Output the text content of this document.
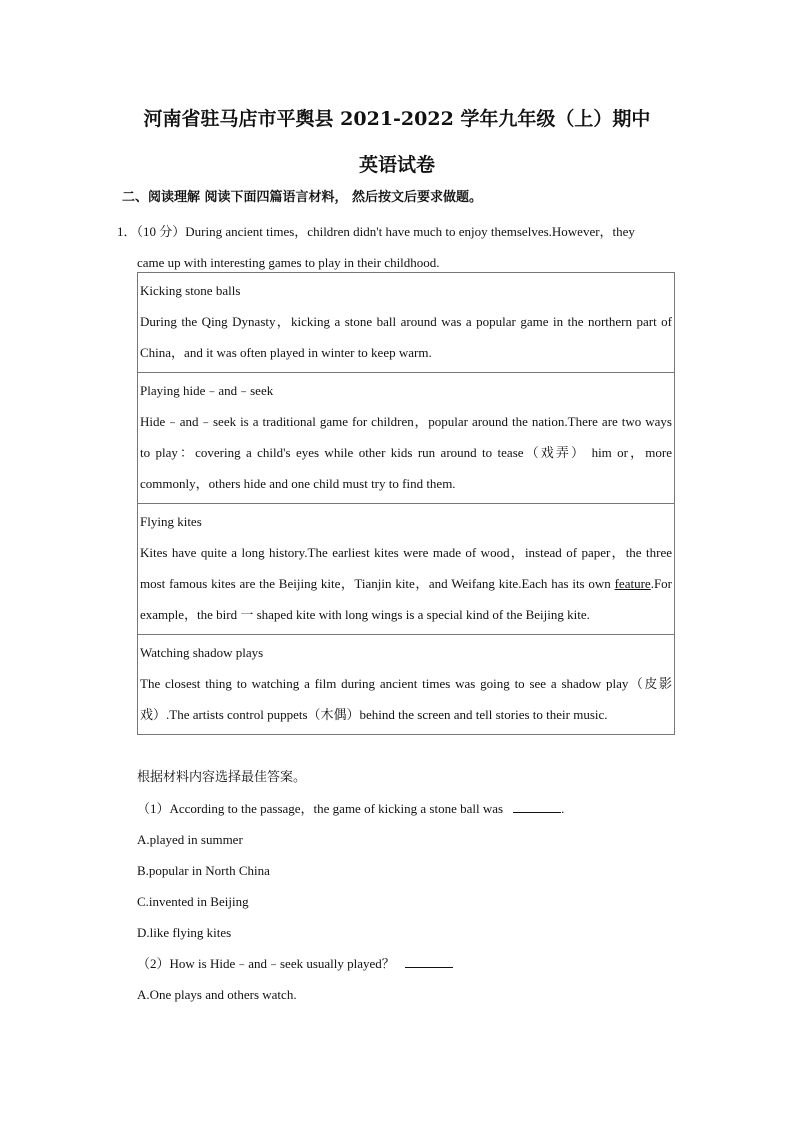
河南省驻马店市平舆县 2021-2022 学年九年级（上）期中
英语试卷
二、阅读理解 阅读下面四篇语言材料， 然后按文后要求做题。
1．（10 分）During ancient times，children didn't have much to enjoy themselves.However，they
came up with interesting games to play in their childhood.
Kicking stone balls
During the Qing Dynasty，kicking a stone ball around was a popular game in the northern part of China，and it was often played in winter to keep warm.

Playing hide﹣and﹣seek
Hide﹣and﹣seek is a traditional game for children，popular around the nation.There are two ways to play：covering a child's eyes while other kids run around to tease（戏弄） him or，more commonly，others hide and one child must try to find them.

Flying kites
Kites have quite a long history.The earliest kites were made of wood，instead of paper，the three most famous kites are the Beijing kite，Tianjin kite，and Weifang kite.Each has its own feature.For example，the bird 一 shaped kite with long wings is a special kind of the Beijing kite.

Watching shadow plays
The closest thing to watching a film during ancient times was going to see a shadow play（皮影戏）.The artists control puppets（木偶）behind the screen and tell stories to their music.
根据材料内容选择最佳答案。
（1）According to the passage，the game of kicking a stone ball was	.
A.played in summer
B.popular in North China
C.invented in Beijing
D.like flying kites
（2）How is Hide﹣and﹣seek usually played？
A.One plays and others watch.
